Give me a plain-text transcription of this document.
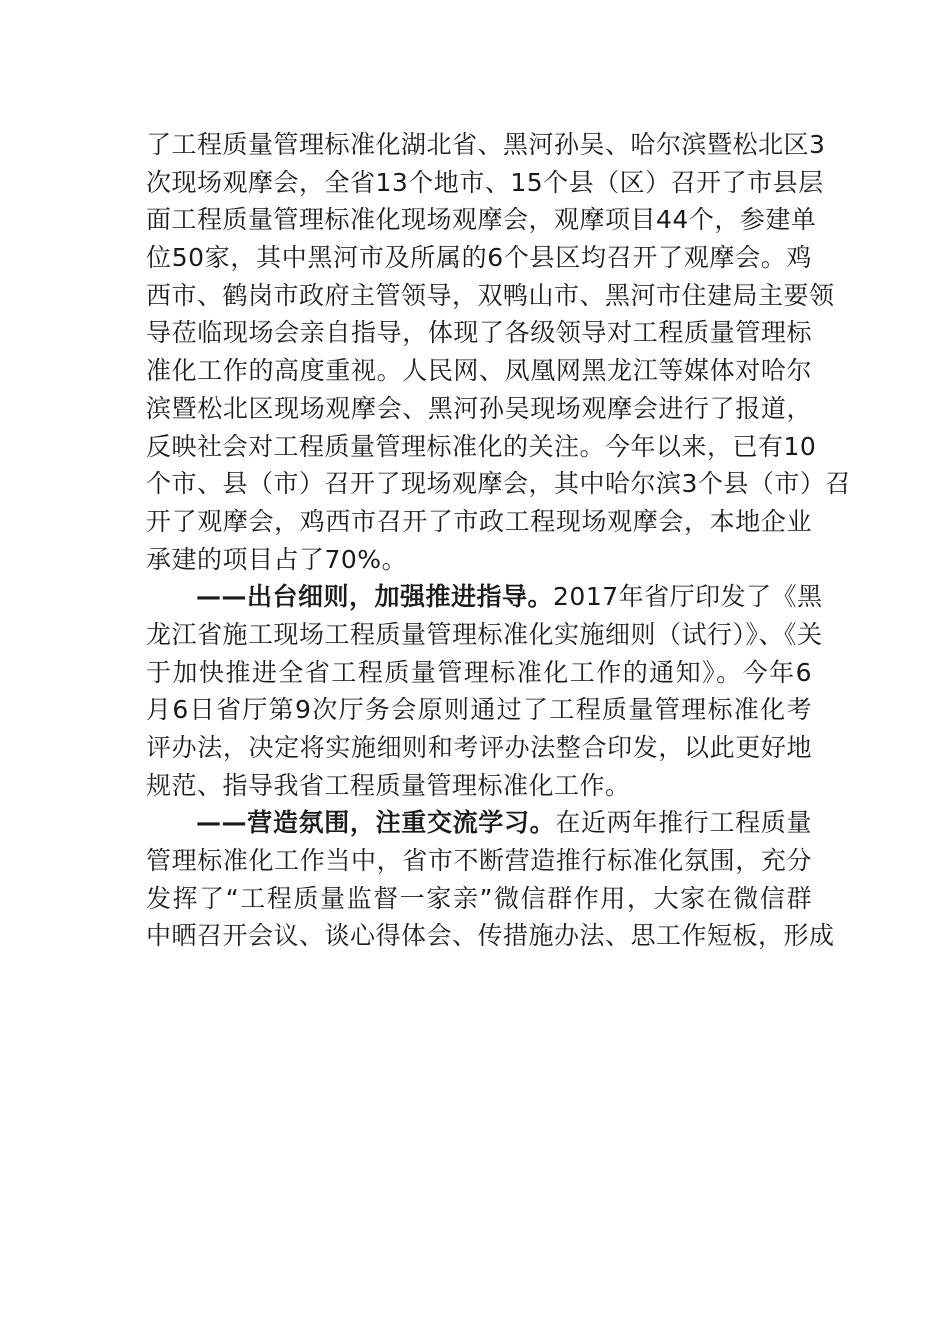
了工程质量管理标准化湖北省、黑河孙吴、哈尔滨暨松北区3
次现场观摩会，全省13个地市、15个县（区）召开了市县层
面工程质量管理标准化现场观摩会，观摩项目44个，参建单
位50家，其中黑河市及所属的6个县区均召开了观摩会。鸡
西市、鹤岗市政府主管领导，双鸭山市、黑河市住建局主要领
导莅临现场会亲自指导，体现了各级领导对工程质量管理标
准化工作的高度重视。人民网、凤凰网黑龙江等媒体对哈尔
滨暨松北区现场观摩会、黑河孙吴现场观摩会进行了报道，
反映社会对工程质量管理标准化的关注。今年以来，已有10
个市、县（市）召开了现场观摩会，其中哈尔滨3个县（市）召
开了观摩会，鸡西市召开了市政工程现场观摩会，本地企业
承建的项目占了70%。
——出台细则，加强推进指导。2017年省厅印发了《黑
龙江省施工现场工程质量管理标准化实施细则（试行）》、《关
于加快推进全省工程质量管理标准化工作的通知》。今年6
月6日省厅第9次厅务会原则通过了工程质量管理标准化考
评办法，决定将实施细则和考评办法整合印发，以此更好地
规范、指导我省工程质量管理标准化工作。
——营造氛围，注重交流学习。在近两年推行工程质量
管理标准化工作当中，省市不断营造推行标准化氛围，充分
发挥了“工程质量监督一家亲”微信群作用，大家在微信群
中晒召开会议、谈心得体会、传措施办法、思工作短板，形成
